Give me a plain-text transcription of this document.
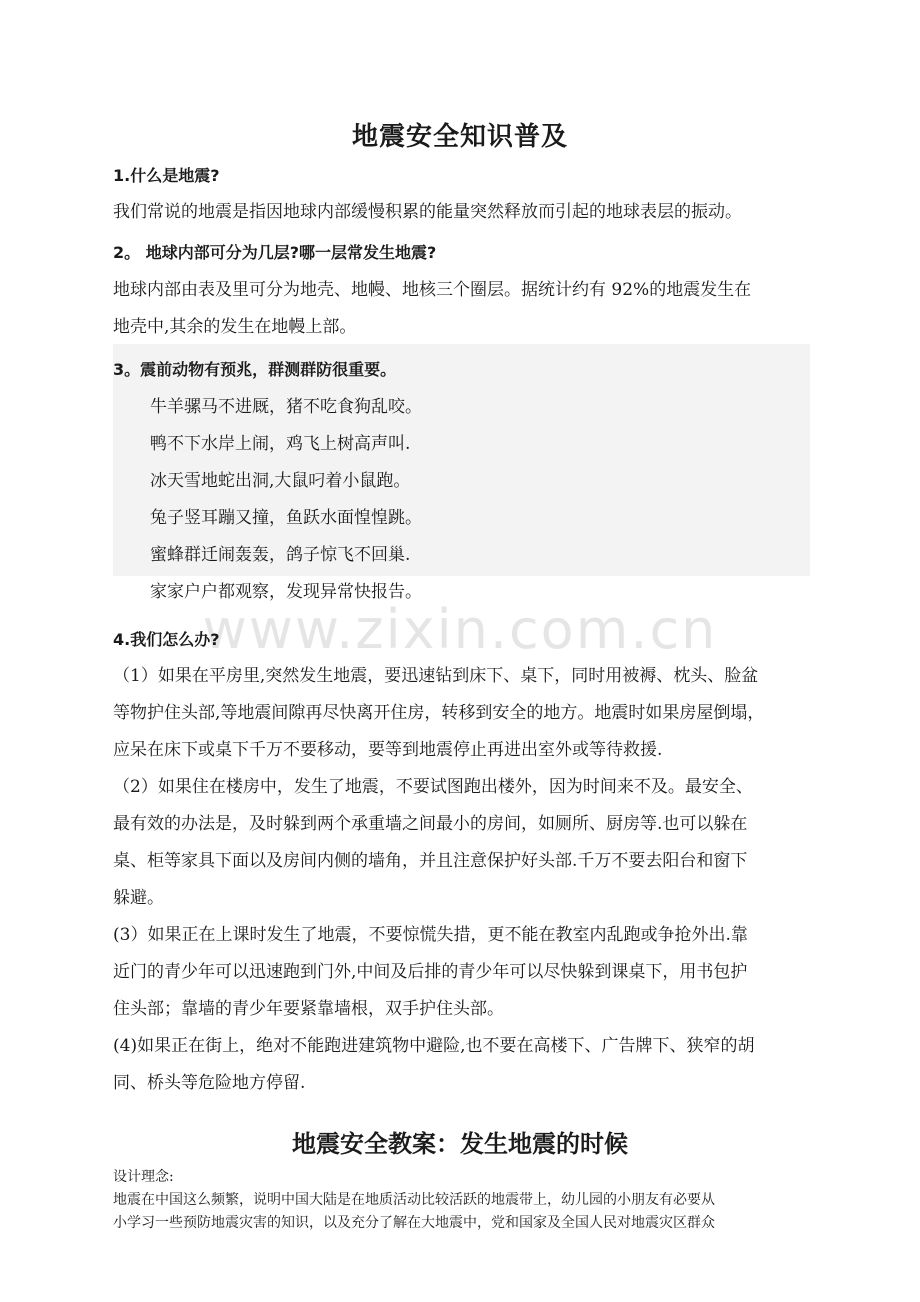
地震安全知识普及
1.什么是地震?
我们常说的地震是指因地球内部缓慢积累的能量突然释放而引起的地球表层的振动。
2。 地球内部可分为几层?哪一层常发生地震?
地球内部由表及里可分为地壳、地幔、地核三个圈层。据统计约有 92%的地震发生在
地壳中,其余的发生在地幔上部。
3。震前动物有预兆，群测群防很重要。
牛羊骡马不进厩，猪不吃食狗乱咬。
鸭不下水岸上闹，鸡飞上树高声叫.
冰天雪地蛇出洞,大鼠叼着小鼠跑。
兔子竖耳蹦又撞，鱼跃水面惶惶跳。
蜜蜂群迁闹轰轰，鸽子惊飞不回巢.
家家户户都观察，发现异常快报告。
www.zixin.com.cn
4.我们怎么办?
（1）如果在平房里,突然发生地震，要迅速钻到床下、桌下，同时用被褥、枕头、脸盆
等物护住头部,等地震间隙再尽快离开住房，转移到安全的地方。地震时如果房屋倒塌，
应呆在床下或桌下千万不要移动，要等到地震停止再进出室外或等待救援.
（2）如果住在楼房中，发生了地震，不要试图跑出楼外，因为时间来不及。最安全、
最有效的办法是，及时躲到两个承重墙之间最小的房间，如厕所、厨房等.也可以躲在
桌、柜等家具下面以及房间内侧的墙角，并且注意保护好头部.千万不要去阳台和窗下
躲避。
(3）如果正在上课时发生了地震，不要惊慌失措，更不能在教室内乱跑或争抢外出.靠
近门的青少年可以迅速跑到门外,中间及后排的青少年可以尽快躲到课桌下，用书包护
住头部；靠墙的青少年要紧靠墙根，双手护住头部。
(4)如果正在街上，绝对不能跑进建筑物中避险,也不要在高楼下、广告牌下、狭窄的胡
同、桥头等危险地方停留.
地震安全教案：发生地震的时候
设计理念:
地震在中国这么频繁，说明中国大陆是在地质活动比较活跃的地震带上，幼儿园的小朋友有必要从
小学习一些预防地震灾害的知识，以及充分了解在大地震中，党和国家及全国人民对地震灾区群众
